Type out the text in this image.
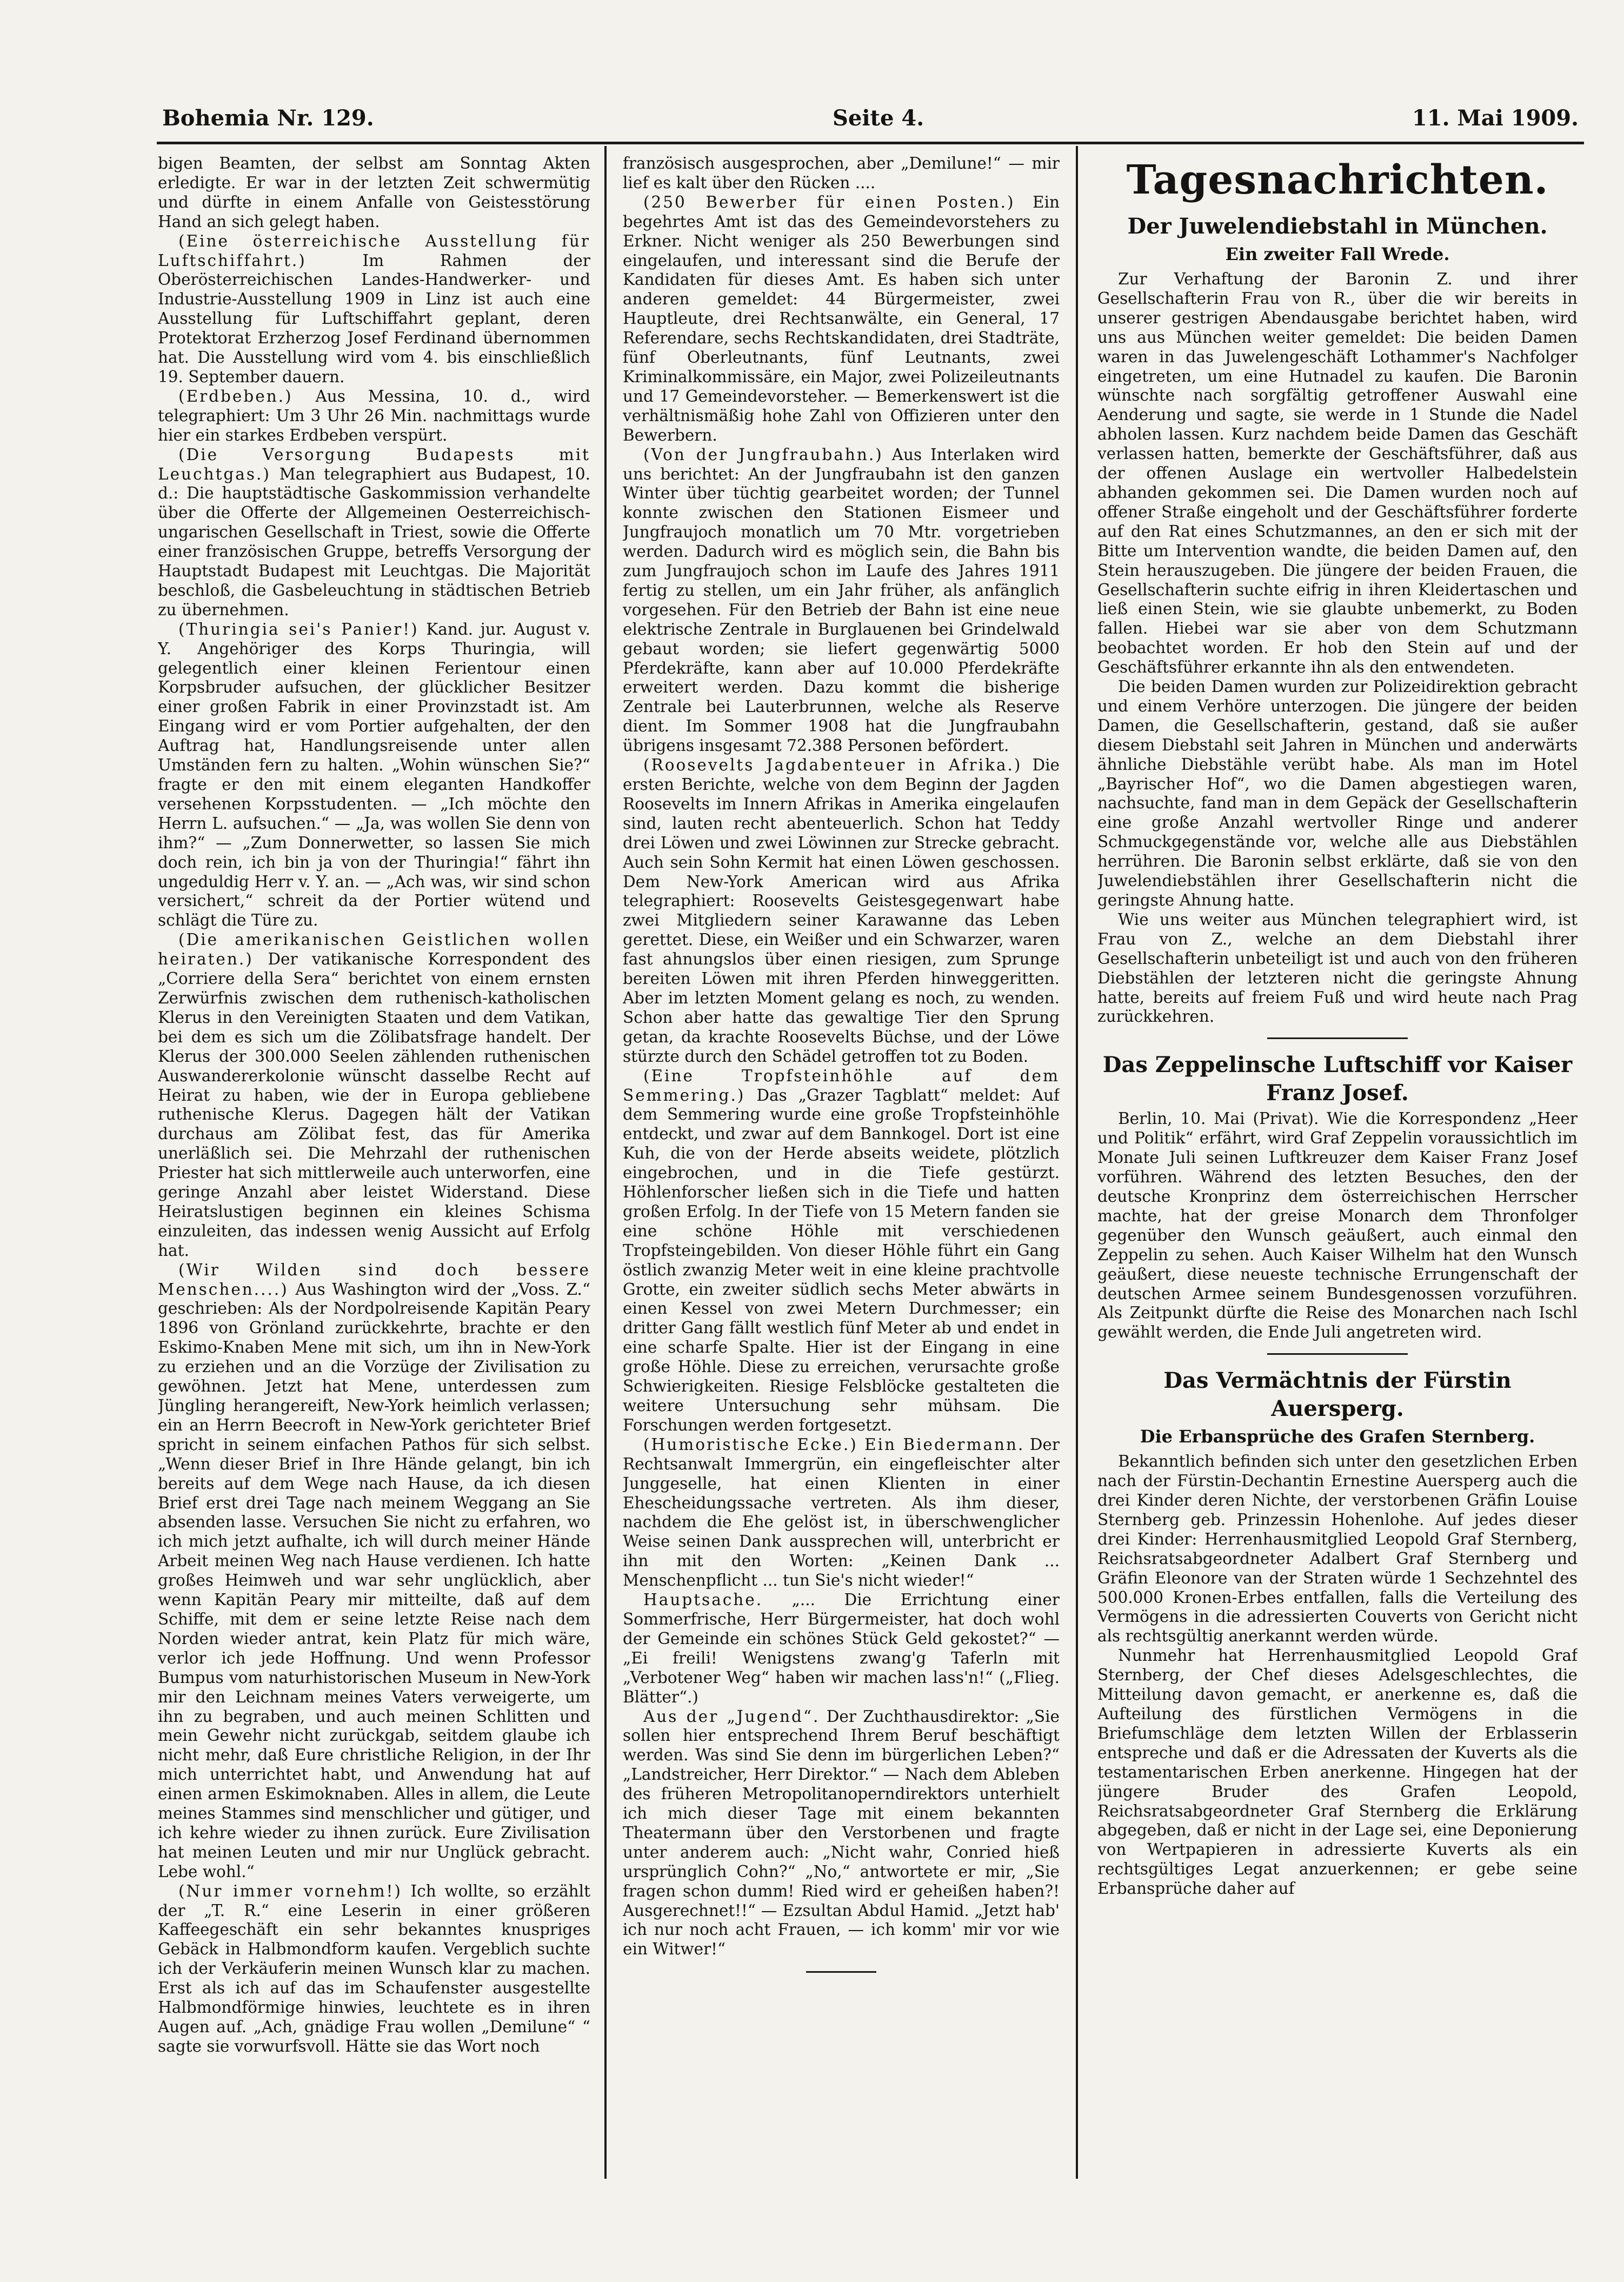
Bohemia Nr. 129.	Seite 4.	11. Mai 1909.

bigen Beamten, der selbst am Sonntag Akten erledigte. Er war in der letzten Zeit schwermütig und dürfte in einem Anfalle von Geistesstörung Hand an sich gelegt haben.

(Eine österreichische Ausstellung für Luftschiffahrt.)	Im Rahmen der Oberösterreichischen Landes-Handwerker- und Industrie-Ausstellung 1909 in Linz ist auch eine Ausstellung für Luftschiffahrt geplant, deren Protektorat Erzherzog Josef Ferdinand übernommen hat. Die Ausstellung wird vom 4. bis einschließlich 19. September dauern.

(Erdbeben.) Aus Messina, 10. d., wird telegraphiert: Um 3 Uhr 26 Min. nachmittags wurde hier ein starkes Erdbeben verspürt.

(Die Versorgung Budapests mit Leuchtgas.) Man telegraphiert aus Budapest, 10. d.: Die hauptstädtische Gaskommission verhandelte über die Offerte der Allgemeinen Oesterreichisch-ungarischen Gesellschaft in Triest, sowie die Offerte einer französischen Gruppe, betreffs Versorgung der Hauptstadt Budapest mit Leuchtgas. Die Majorität beschloß, die Gasbeleuchtung in städtischen Betrieb zu übernehmen.

(Thuringia sei's Panier!) Kand. jur. August v. Y. Angehöriger des Korps Thuringia, will gelegentlich einer kleinen Ferientour einen Korpsbruder aufsuchen, der glücklicher Besitzer einer großen Fabrik in einer Provinzstadt ist. Am Eingang wird er vom Portier aufgehalten, der den Auftrag hat, Handlungsreisende unter allen Umständen fern zu halten. „Wohin wünschen Sie?“ fragte er den mit einem eleganten Handkoffer versehenen Korpsstudenten. — „Ich möchte den Herrn L. aufsuchen.“ — „Ja, was wollen Sie denn von ihm?“ — „Zum Donnerwetter, so lassen Sie mich doch rein, ich bin ja von der Thuringia!“ fährt ihn ungeduldig Herr v. Y. an. — „Ach was, wir sind schon versichert,“ schreit da der Portier wütend und schlägt die Türe zu.

(Die amerikanischen Geistlichen wollen heiraten.) Der vatikanische Korrespondent des „Corriere della Sera“ berichtet von einem ernsten Zerwürfnis zwischen dem ruthenisch-katholischen Klerus in den Vereinigten Staaten und dem Vatikan, bei dem es sich um die Zölibatsfrage handelt. Der Klerus der 300.000 Seelen zählenden ruthenischen Auswandererkolonie wünscht dasselbe Recht auf Heirat zu haben, wie der in Europa gebliebene ruthenische Klerus. Dagegen hält der Vatikan durchaus am Zölibat fest, das für Amerika unerläßlich sei. Die Mehrzahl der ruthenischen Priester hat sich mittlerweile auch unterworfen, eine geringe Anzahl aber leistet Widerstand. Diese Heiratslustigen beginnen ein kleines Schisma einzuleiten, das indessen wenig Aussicht auf Erfolg hat.

(Wir Wilden sind doch bessere Menschen....) Aus Washington wird der „Voss. Z.“ geschrieben: Als der Nordpolreisende Kapitän Peary 1896 von Grönland zurückkehrte, brachte er den Eskimo-Knaben Mene mit sich, um ihn in New-York zu erziehen und an die Vorzüge der Zivilisation zu gewöhnen. Jetzt hat Mene, unterdessen zum Jüngling herangereift, New-York heimlich verlassen; ein an Herrn Beecroft in New-York gerichteter Brief spricht in seinem einfachen Pathos für sich selbst. „Wenn dieser Brief in Ihre Hände gelangt, bin ich bereits auf dem Wege nach Hause, da ich diesen Brief erst drei Tage nach meinem Weggang an Sie absenden lasse. Versuchen Sie nicht zu erfahren, wo ich mich jetzt aufhalte, ich will durch meiner Hände Arbeit meinen Weg nach Hause verdienen. Ich hatte großes Heimweh und war sehr unglücklich, aber wenn Kapitän Peary mir mitteilte, daß auf dem Schiffe, mit dem er seine letzte Reise nach dem Norden wieder antrat, kein Platz für mich wäre, verlor ich jede Hoffnung. Und wenn Professor Bumpus vom naturhistorischen Museum in New-York mir den Leichnam meines Vaters verweigerte, um ihn zu begraben, und auch meinen Schlitten und mein Gewehr nicht zurückgab, seitdem glaube ich nicht mehr, daß Eure christliche Religion, in der Ihr mich unterrichtet habt, und Anwendung hat auf einen armen Eskimoknaben. Alles in allem, die Leute meines Stammes sind menschlicher und gütiger, und ich kehre wieder zu ihnen zurück. Eure Zivilisation hat meinen Leuten und mir nur Unglück gebracht. Lebe wohl.“

(Nur immer vornehm!) Ich wollte, so erzählt der „T. R.“ eine Leserin in einer größeren Kaffeegeschäft ein sehr bekanntes knuspriges Gebäck in Halbmondform kaufen. Vergeblich suchte ich der Verkäuferin meinen Wunsch klar zu machen. Erst als ich auf das im Schaufenster ausgestellte Halbmondförmige hinwies, leuchtete es in ihren Augen auf. „Ach, gnädige Frau wollen „Demilune“ “ sagte sie vorwurfsvoll. Hätte sie das Wort noch

französisch ausgesprochen, aber „Demilune!“ — mir lief es kalt über den Rücken ....

(250 Bewerber für einen Posten.) Ein begehrtes Amt ist das des Gemeindevorstehers zu Erkner. Nicht weniger als 250 Bewerbungen sind eingelaufen, und interessant sind die Berufe der Kandidaten für dieses Amt. Es haben sich unter anderen gemeldet: 44 Bürgermeister, zwei Hauptleute, drei Rechtsanwälte, ein General, 17 Referendare, sechs Rechtskandidaten, drei Stadträte, fünf Oberleutnants, fünf Leutnants, zwei Kriminalkommissäre, ein Major, zwei Polizeileutnants und 17 Gemeindevorsteher. — Bemerkenswert ist die verhältnismäßig hohe Zahl von Offizieren unter den Bewerbern.

(Von der Jungfraubahn.) Aus Interlaken wird uns berichtet: An der Jungfraubahn ist den ganzen Winter über tüchtig gearbeitet worden; der Tunnel konnte zwischen den Stationen Eismeer und Jungfraujoch monatlich um 70 Mtr. vorgetrieben werden. Dadurch wird es möglich sein, die Bahn bis zum Jungfraujoch schon im Laufe des Jahres 1911 fertig zu stellen, um ein Jahr früher, als anfänglich vorgesehen. Für den Betrieb der Bahn ist eine neue elektrische Zentrale in Burglauenen bei Grindelwald gebaut worden; sie liefert gegenwärtig 5000 Pferdekräfte, kann aber auf 10.000 Pferdekräfte erweitert werden. Dazu kommt die bisherige Zentrale bei Lauterbrunnen, welche als Reserve dient. Im Sommer 1908 hat die Jungfraubahn übrigens insgesamt 72.388 Personen befördert.

(Roosevelts Jagdabenteuer in Afrika.) Die ersten Berichte, welche von dem Beginn der Jagden Roosevelts im Innern Afrikas in Amerika eingelaufen sind, lauten recht abenteuerlich. Schon hat Teddy drei Löwen und zwei Löwinnen zur Strecke gebracht. Auch sein Sohn Kermit hat einen Löwen geschossen. Dem New-York American wird aus Afrika telegraphiert: Roosevelts Geistesgegenwart habe zwei Mitgliedern seiner Karawanne das Leben gerettet. Diese, ein Weißer und ein Schwarzer, waren fast ahnungslos über einen riesigen, zum Sprunge bereiten Löwen mit ihren Pferden hinweggeritten. Aber im letzten Moment gelang es noch, zu wenden. Schon aber hatte das gewaltige Tier den Sprung getan, da krachte Roosevelts Büchse, und der Löwe stürzte durch den Schädel getroffen tot zu Boden.

(Eine Tropfsteinhöhle auf dem Semmering.) Das „Grazer Tagblatt“ meldet: Auf dem Semmering wurde eine große Tropfsteinhöhle entdeckt, und zwar auf dem Bannkogel. Dort ist eine Kuh, die von der Herde abseits weidete, plötzlich eingebrochen, und in die Tiefe gestürzt. Höhlenforscher ließen sich in die Tiefe und hatten großen Erfolg. In der Tiefe von 15 Metern fanden sie eine schöne Höhle mit verschiedenen Tropfsteingebilden. Von dieser Höhle führt ein Gang östlich zwanzig Meter weit in eine kleine prachtvolle Grotte, ein zweiter südlich sechs Meter abwärts in einen Kessel von zwei Metern Durchmesser; ein dritter Gang fällt westlich fünf Meter ab und endet in eine scharfe Spalte. Hier ist der Eingang in eine große Höhle. Diese zu erreichen, verursachte große Schwierigkeiten. Riesige Felsblöcke gestalteten die weitere Untersuchung sehr mühsam. Die Forschungen werden fortgesetzt.

(Humoristische Ecke.) Ein Biedermann. Der Rechtsanwalt Immergrün, ein eingefleischter alter Junggeselle, hat einen Klienten in einer Ehescheidungssache vertreten. Als ihm dieser, nachdem die Ehe gelöst ist, in überschwenglicher Weise seinen Dank aussprechen will, unterbricht er ihn mit den Worten: „Keinen Dank ... Menschenpflicht ... tun Sie's nicht wieder!“

Hauptsache. „... Die Errichtung einer Sommerfrische, Herr Bürgermeister, hat doch wohl der Gemeinde ein schönes Stück Geld gekostet?“ — „Ei freili! Wenigstens zwang'g Taferln mit „Verbotener Weg“ haben wir machen lass'n!“ („Flieg. Blätter“.)

Aus der „Jugend“. Der Zuchthausdirektor: „Sie sollen hier entsprechend Ihrem Beruf beschäftigt werden. Was sind Sie denn im bürgerlichen Leben?“ „Landstreicher, Herr Direktor.“ — Nach dem Ableben des früheren Metropolitanoperndirektors unterhielt ich mich dieser Tage mit einem bekannten Theatermann über den Verstorbenen und fragte unter anderem auch: „Nicht wahr, Conried hieß ursprünglich Cohn?“ „No,“ antwortete er mir, „Sie fragen schon dumm! Ried wird er geheißen haben?! Ausgerechnet!!“ — Ezsultan Abdul Hamid. „Jetzt hab' ich nur noch acht Frauen, — ich komm' mir vor wie ein Witwer!“

Tagesnachrichten.
Der Juwelendiebstahl in München.
Ein zweiter Fall Wrede.

Zur Verhaftung der Baronin Z. und ihrer Gesellschafterin Frau von R., über die wir bereits in unserer gestrigen Abendausgabe berichtet haben, wird uns aus München weiter gemeldet: Die beiden Damen waren in das Juwelengeschäft Lothammer's Nachfolger eingetreten, um eine Hutnadel zu kaufen. Die Baronin wünschte nach sorgfältig getroffener Auswahl eine Aenderung und sagte, sie werde in 1 Stunde die Nadel abholen lassen. Kurz nachdem beide Damen das Geschäft verlassen hatten, bemerkte der Geschäftsführer, daß aus der offenen Auslage ein wertvoller Halbedelstein abhanden gekommen sei. Die Damen wurden noch auf offener Straße eingeholt und der Geschäftsführer forderte auf den Rat eines Schutzmannes, an den er sich mit der Bitte um Intervention wandte, die beiden Damen auf, den Stein herauszugeben. Die jüngere der beiden Frauen, die Gesellschafterin suchte eifrig in ihren Kleidertaschen und ließ einen Stein, wie sie glaubte unbemerkt, zu Boden fallen. Hiebei war sie aber von dem Schutzmann beobachtet worden. Er hob den Stein auf und der Geschäftsführer erkannte ihn als den entwendeten.

Die beiden Damen wurden zur Polizeidirektion gebracht und einem Verhöre unterzogen. Die jüngere der beiden Damen, die Gesellschafterin, gestand, daß sie außer diesem Diebstahl seit Jahren in München und anderwärts ähnliche Diebstähle verübt habe. Als man im Hotel „Bayrischer Hof“, wo die Damen abgestiegen waren, nachsuchte, fand man in dem Gepäck der Gesellschafterin eine große Anzahl wertvoller Ringe und anderer Schmuckgegenstände vor, welche alle aus Diebstählen herrühren. Die Baronin selbst erklärte, daß sie von den Juwelendiebstählen ihrer Gesellschafterin nicht die geringste Ahnung hatte.

Wie uns weiter aus München telegraphiert wird, ist Frau von Z., welche an dem Diebstahl ihrer Gesellschafterin unbeteiligt ist und auch von den früheren Diebstählen der letzteren nicht die geringste Ahnung hatte, bereits auf freiem Fuß und wird heute nach Prag zurückkehren.

Das Zeppelinsche Luftschiff vor Kaiser Franz Josef.

Berlin, 10. Mai (Privat). Wie die Korrespondenz „Heer und Politik“ erfährt, wird Graf Zeppelin voraussichtlich im Monate Juli seinen Luftkreuzer dem Kaiser Franz Josef vorführen. Während des letzten Besuches, den der deutsche Kronprinz dem österreichischen Herrscher machte, hat der greise Monarch dem Thronfolger gegenüber den Wunsch geäußert, auch einmal den Zeppelin zu sehen. Auch Kaiser Wilhelm hat den Wunsch geäußert, diese neueste technische Errungenschaft der deutschen Armee seinem Bundesgenossen vorzuführen. Als Zeitpunkt dürfte die Reise des Monarchen nach Ischl gewählt werden, die Ende Juli angetreten wird.

Das Vermächtnis der Fürstin Auersperg.
Die Erbansprüche des Grafen Sternberg.

Bekanntlich befinden sich unter den gesetzlichen Erben nach der Fürstin-Dechantin Ernestine Auersperg auch die drei Kinder deren Nichte, der verstorbenen Gräfin Louise Sternberg geb. Prinzessin Hohenlohe. Auf jedes dieser drei Kinder: Herrenhausmitglied Leopold Graf Sternberg, Reichsratsabgeordneter Adalbert Graf Sternberg und Gräfin Eleonore van der Straten würde 1 Sechzehntel des 500.000 Kronen-Erbes entfallen, falls die Verteilung des Vermögens in die adressierten Couverts von Gericht nicht als rechtsgültig anerkannt werden würde.

Nunmehr hat Herrenhausmitglied Leopold Graf Sternberg, der Chef dieses Adelsgeschlechtes, die Mitteilung davon gemacht, er anerkenne es, daß die Aufteilung des fürstlichen Vermögens in die Briefumschläge dem letzten Willen der Erblasserin entspreche und daß er die Adressaten der Kuverts als die testamentarischen Erben anerkenne. Hingegen hat der jüngere Bruder des Grafen Leopold, Reichsratsabgeordneter Graf Sternberg die Erklärung abgegeben, daß er nicht in der Lage sei, eine Deponierung von Wertpapieren in adressierte Kuverts als ein rechtsgültiges Legat anzuerkennen; er gebe seine Erbansprüche daher auf
